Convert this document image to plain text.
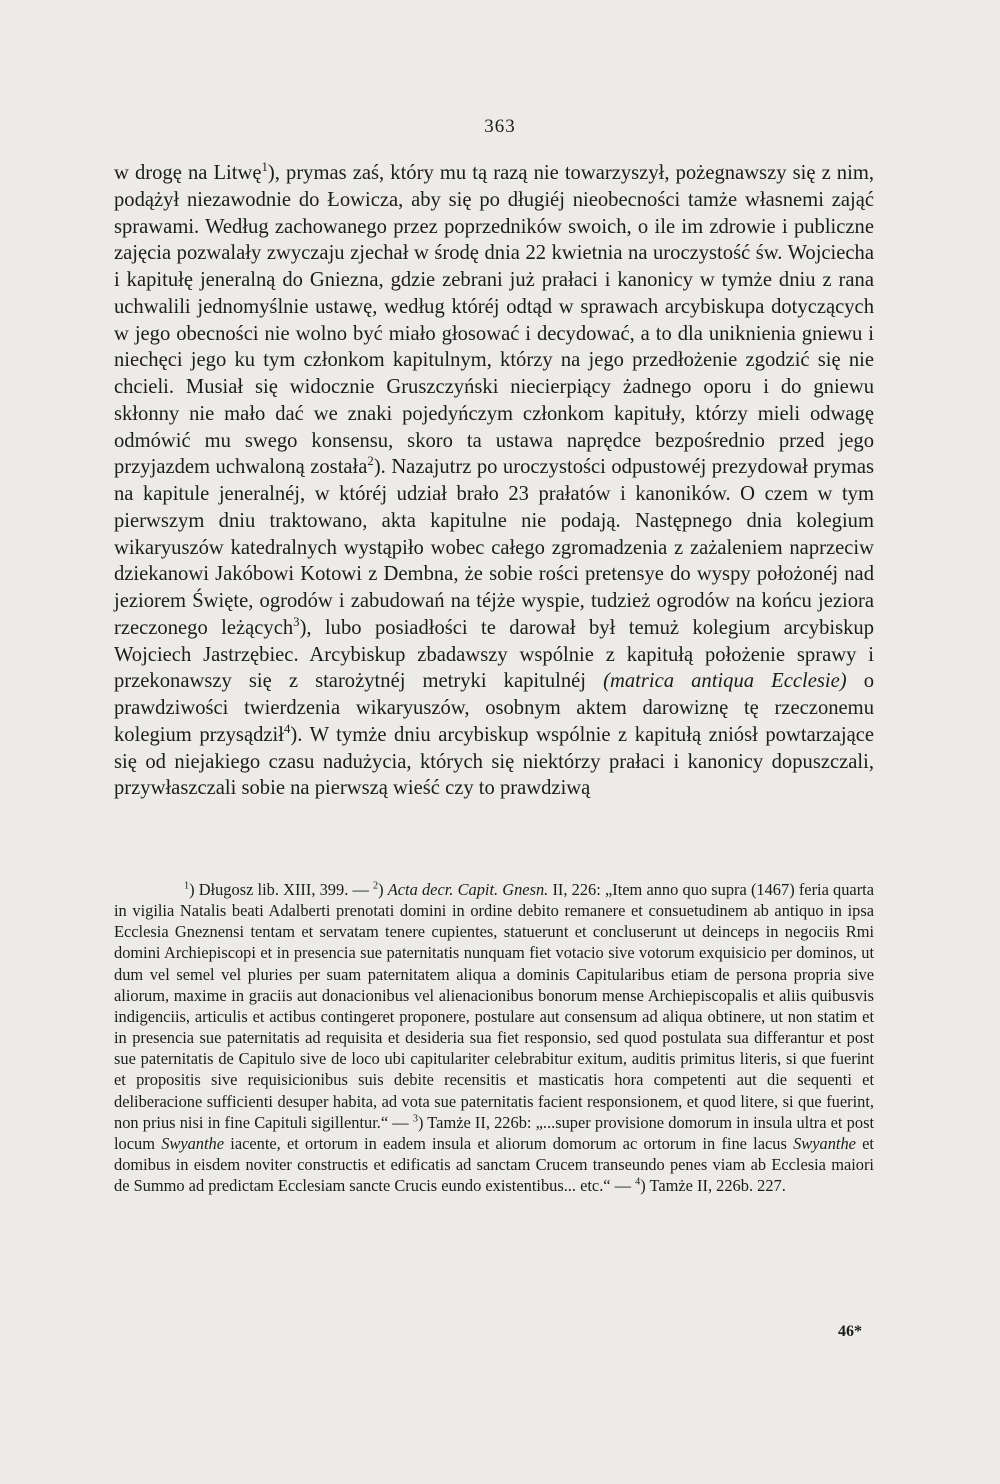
363

w drogę na Litwę$^1$), prymas zaś, który mu tą razą nie towarzyszył, pożegnawszy się z nim, podążył niezawodnie do Łowicza, aby się po długiéj nieobecności tamże własnemi zająć sprawami. Według zachowanego przez poprzedników swoich, o ile im zdrowie i publiczne zajęcia pozwalały zwyczaju zjechał w środę dnia 22 kwietnia na uroczystość św. Wojciecha i kapitułę jeneralną do Gniezna, gdzie zebrani już prałaci i kanonicy w tymże dniu z rana uchwalili jednomyślnie ustawę, według któréj odtąd w sprawach arcybiskupa dotyczących w jego obecności nie wolno być miało głosować i decydować, a to dla uniknienia gniewu i niechęci jego ku tym członkom kapitulnym, którzy na jego przedłożenie zgodzić się nie chcieli. Musiał się widocznie Gruszczyński niecierpiący żadnego oporu i do gniewu skłonny nie mało dać we znaki pojedyńczym członkom kapituły, którzy mieli odwagę odmówić mu swego konsensu, skoro ta ustawa naprędce bezpośrednio przed jego przyjazdem uchwaloną została$^2$). Nazajutrz po uroczystości odpustowéj prezydował prymas na kapitule jeneralnéj, w któréj udział brało 23 prałatów i kanoników. O czem w tym pierwszym dniu traktowano, akta kapitulne nie podają. Następnego dnia kolegium wikaryuszów katedralnych wystąpiło wobec całego zgromadzenia z zażaleniem naprzeciw dziekanowi Jakóbowi Kotowi z Dembna, że sobie rości pretensye do wyspy położonéj nad jeziorem Święte, ogrodów i zabudowań na téjże wyspie, tudzież ogrodów na końcu jeziora rzeczonego leżących$^3$), lubo posiadłości te darował był temuż kolegium arcybiskup Wojciech Jastrzębiec. Arcybiskup zbadawszy wspólnie z kapitułą położenie sprawy i przekonawszy się z starożytnéj metryki kapitulnéj (matrica antiqua Ecclesie) o prawdziwości twierdzenia wikaryuszów, osobnym aktem darowiznę tę rzeczonemu kolegium przysądził$^4$). W tymże dniu arcybiskup wspólnie z kapitułą zniósł powtarzające się od niejakiego czasu nadużycia, których się niektórzy prałaci i kanonicy dopuszczali, przywłaszczali sobie na pierwszą wieść czy to prawdziwą

$^1$) Długosz lib. XIII, 399. — $^2$) Acta decr. Capit. Gnesn. II, 226: „Item anno quo supra (1467) feria quarta in vigilia Natalis beati Adalberti prenotati domini in ordine debito remanere et consuetudinem ab antiquo in ipsa Ecclesia Gneznensi tentam et servatam tenere cupientes, statuerunt et concluserunt ut deinceps in negociis Rmi domini Archiepiscopi et in presencia sue paternitatis nunquam fiet votacio sive votorum exquisicio per dominos, ut dum vel semel vel pluries per suam paternitatem aliqua a dominis Capitularibus etiam de persona propria sive aliorum, maxime in graciis aut donacionibus vel alienacionibus bonorum mense Archiepiscopalis et aliis quibusvis indigenciis, articulis et actibus contingeret proponere, postulare aut consensum ad aliqua obtinere, ut non statim et in presencia sue paternitatis ad requisita et desideria sua fiet responsio, sed quod postulata sua differantur et post sue paternitatis de Capitulo sive de loco ubi capitulariter celebrabitur exitum, auditis primitus literis, si que fuerint et propositis sive requisicionibus suis debite recensitis et masticatis hora competenti aut die sequenti et deliberacione sufficienti desuper habita, ad vota sue paternitatis facient responsionem, et quod litere, si que fuerint, non prius nisi in fine Capituli sigillentur.“ — $^3$) Tamże II, 226b: „...super provisione domorum in insula ultra et post locum Swyanthe iacente, et ortorum in eadem insula et aliorum domorum ac ortorum in fine lacus Swyanthe et domibus in eisdem noviter constructis et edificatis ad sanctam Crucem transeundo penes viam ab Ecclesia maiori de Summo ad predictam Ecclesiam sancte Crucis eundo existentibus... etc.“ — $^4$) Tamże II, 226b. 227.

46*
